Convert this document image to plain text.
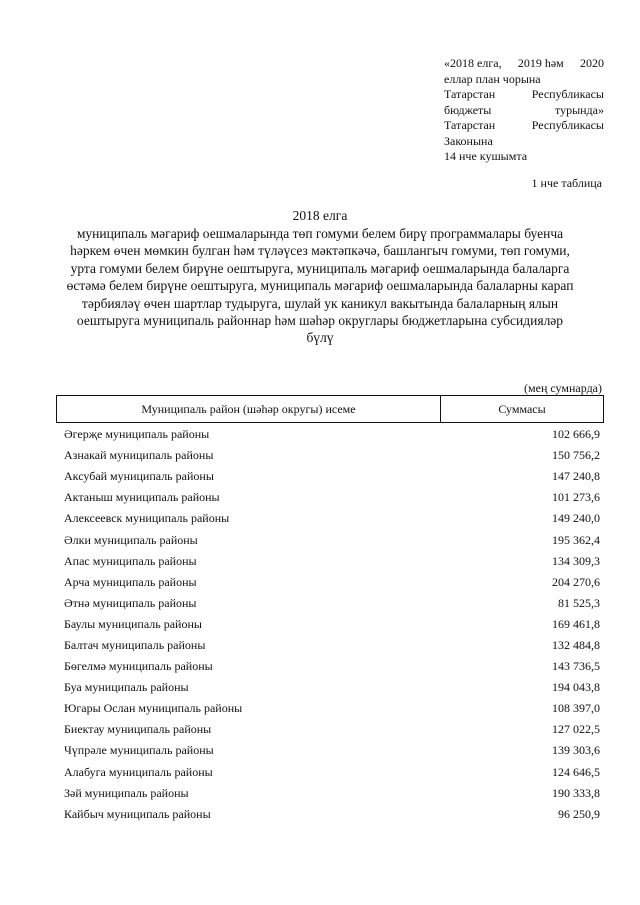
«2018 елга, 2019 һәм 2020
еллар план чорына
Татарстан	Республикасы
бюджеты	турында»
Татарстан	Республикасы
Законына
14 нче кушымта
1 нче таблица
2018 елга
муниципаль мәгариф оешмаларында төп гомуми белем бирү программалары буенча һәркем өчен мөмкин булган һәм түләүсез мәктәпкәчә, башлангыч гомуми, төп гомуми, урта гомуми белем бирүне оештыруга, муниципаль мәгариф оешмаларында балаларга өстәмә белем бирүне оештыруга, муниципаль мәгариф оешмаларында балаларны карап тәрбияләү өчен шартлар тудыруга, шулай ук каникул вакытында балаларның ялын оештыруга муниципаль районнар һәм шәһәр округлары бюджетларына субсидияләр бүлү
(мең сумнарда)
Муниципаль район (шәһәр округы) исеме	Суммасы
Әгерҗе муниципаль районы	102 666,9
Азнакай муниципаль районы	150 756,2
Аксубай муниципаль районы	147 240,8
Актаныш муниципаль районы	101 273,6
Алексеевск муниципаль районы	149 240,0
Әлки муниципаль районы	195 362,4
Апас муниципаль районы	134 309,3
Арча муниципаль районы	204 270,6
Әтнә муниципаль районы	81 525,3
Баулы муниципаль районы	169 461,8
Балтач муниципаль районы	132 484,8
Бөгелмә муниципаль районы	143 736,5
Буа муниципаль районы	194 043,8
Югары Ослан муниципаль районы	108 397,0
Биектау муниципаль районы	127 022,5
Чүпрәле муниципаль районы	139 303,6
Алабуга муниципаль районы	124 646,5
Зәй муниципаль районы	190 333,8
Кайбыч муниципаль районы	96 250,9
